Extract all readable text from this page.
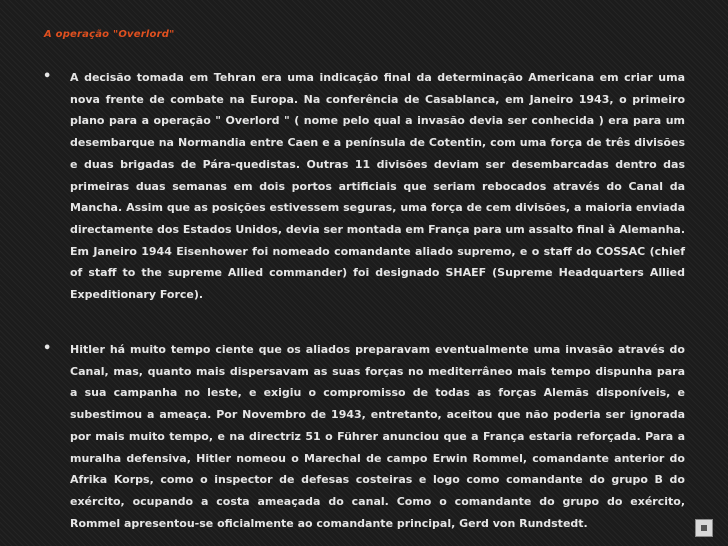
A operação "Overlord"
• A decisão tomada em Tehran era uma indicação final da determinação Americana em criar uma nova frente de combate na Europa. Na conferência de Casablanca, em Janeiro 1943, o primeiro plano para a operação " Overlord " ( nome pelo qual a invasão devia ser conhecida ) era para um desembarque na Normandia entre Caen e a península de Cotentin, com uma força de três divisões e duas brigadas de Pára-quedistas. Outras 11 divisões deviam ser desembarcadas dentro das primeiras duas semanas em dois portos artificiais que seriam rebocados através do Canal da Mancha. Assim que as posições estivessem seguras, uma força de cem divisões, a maioria enviada directamente dos Estados Unidos, devia ser montada em França para um assalto final à Alemanha. Em Janeiro 1944 Eisenhower foi nomeado comandante aliado supremo, e o staff do COSSAC (chief of staff to the supreme Allied commander) foi designado SHAEF (Supreme Headquarters Allied Expeditionary Force).
• Hitler há muito tempo ciente que os aliados preparavam eventualmente uma invasão através do Canal, mas, quanto mais dispersavam as suas forças no mediterrâneo mais tempo dispunha para a sua campanha no leste, e exigiu o compromisso de todas as forças Alemãs disponíveis, e subestimou a ameaça. Por Novembro de 1943, entretanto, aceitou que não poderia ser ignorada por mais muito tempo, e na directriz 51 o Führer anunciou que a França estaria reforçada. Para a muralha defensiva, Hitler nomeou o Marechal de campo Erwin Rommel, comandante anterior do Afrika Korps, como o inspector de defesas costeiras e logo como comandante do grupo B do exército, ocupando a costa ameaçada do canal. Como o comandante do grupo do exército, Rommel apresentou-se oficialmente ao comandante principal, Gerd von Rundstedt.
